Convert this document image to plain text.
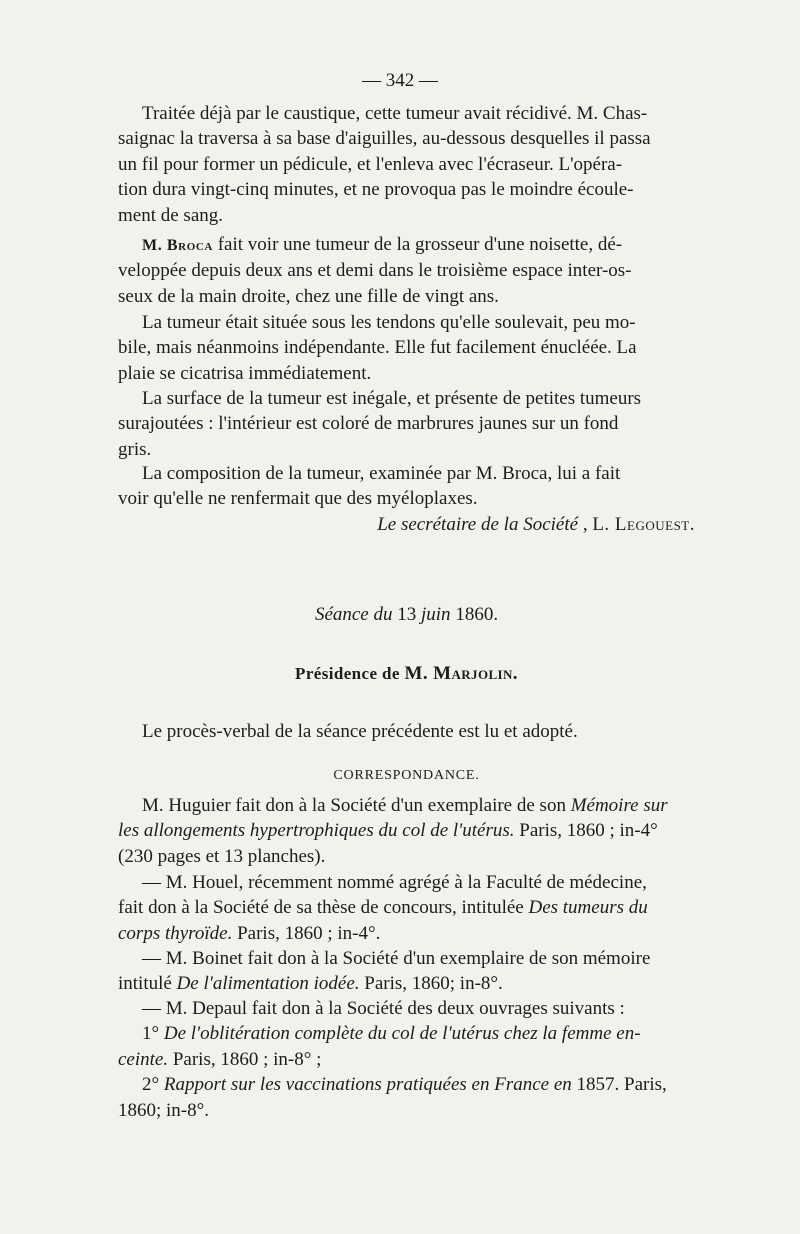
— 342 —

Traitée déjà par le caustique, cette tumeur avait récidivé. M. Chas-

saignac la traversa à sa base d'aiguilles, au-dessous desquelles il passa

un fil pour former un pédicule, et l'enleva avec l'écraseur. L'opéra-

tion dura vingt-cinq minutes, et ne provoqua pas le moindre écoule-

ment de sang.

M. Broca fait voir une tumeur de la grosseur d'une noisette, dé-

veloppée depuis deux ans et demi dans le troisième espace inter-os-

seux de la main droite, chez une fille de vingt ans.

La tumeur était située sous les tendons qu'elle soulevait, peu mo-

bile, mais néanmoins indépendante. Elle fut facilement énucléée. La

plaie se cicatrisa immédiatement.

La surface de la tumeur est inégale, et présente de petites tumeurs

surajoutées : l'intérieur est coloré de marbrures jaunes sur un fond

gris.

La composition de la tumeur, examinée par M. Broca, lui a fait

voir qu'elle ne renfermait que des myéloplaxes.

Le secrétaire de la Société , L. Legouest.
Séance du 13 juin 1860.
Présidence de M. Marjolin.

Le procès-verbal de la séance précédente est lu et adopté.

CORRESPONDANCE.

M. Huguier fait don à la Société d'un exemplaire de son Mémoire sur

les allongements hypertrophiques du col de l'utérus. Paris, 1860 ; in-4°

(230 pages et 13 planches).

— M. Houel, récemment nommé agrégé à la Faculté de médecine,

fait don à la Société de sa thèse de concours, intitulée Des tumeurs du

corps thyroïde. Paris, 1860 ; in-4°.

— M. Boinet fait don à la Société d'un exemplaire de son mémoire

intitulé De l'alimentation iodée. Paris, 1860; in-8°.

— M. Depaul fait don à la Société des deux ouvrages suivants :

1° De l'oblitération complète du col de l'utérus chez la femme en-

ceinte. Paris, 1860 ; in-8° ;

2° Rapport sur les vaccinations pratiquées en France en 1857. Paris,

1860; in-8°.
